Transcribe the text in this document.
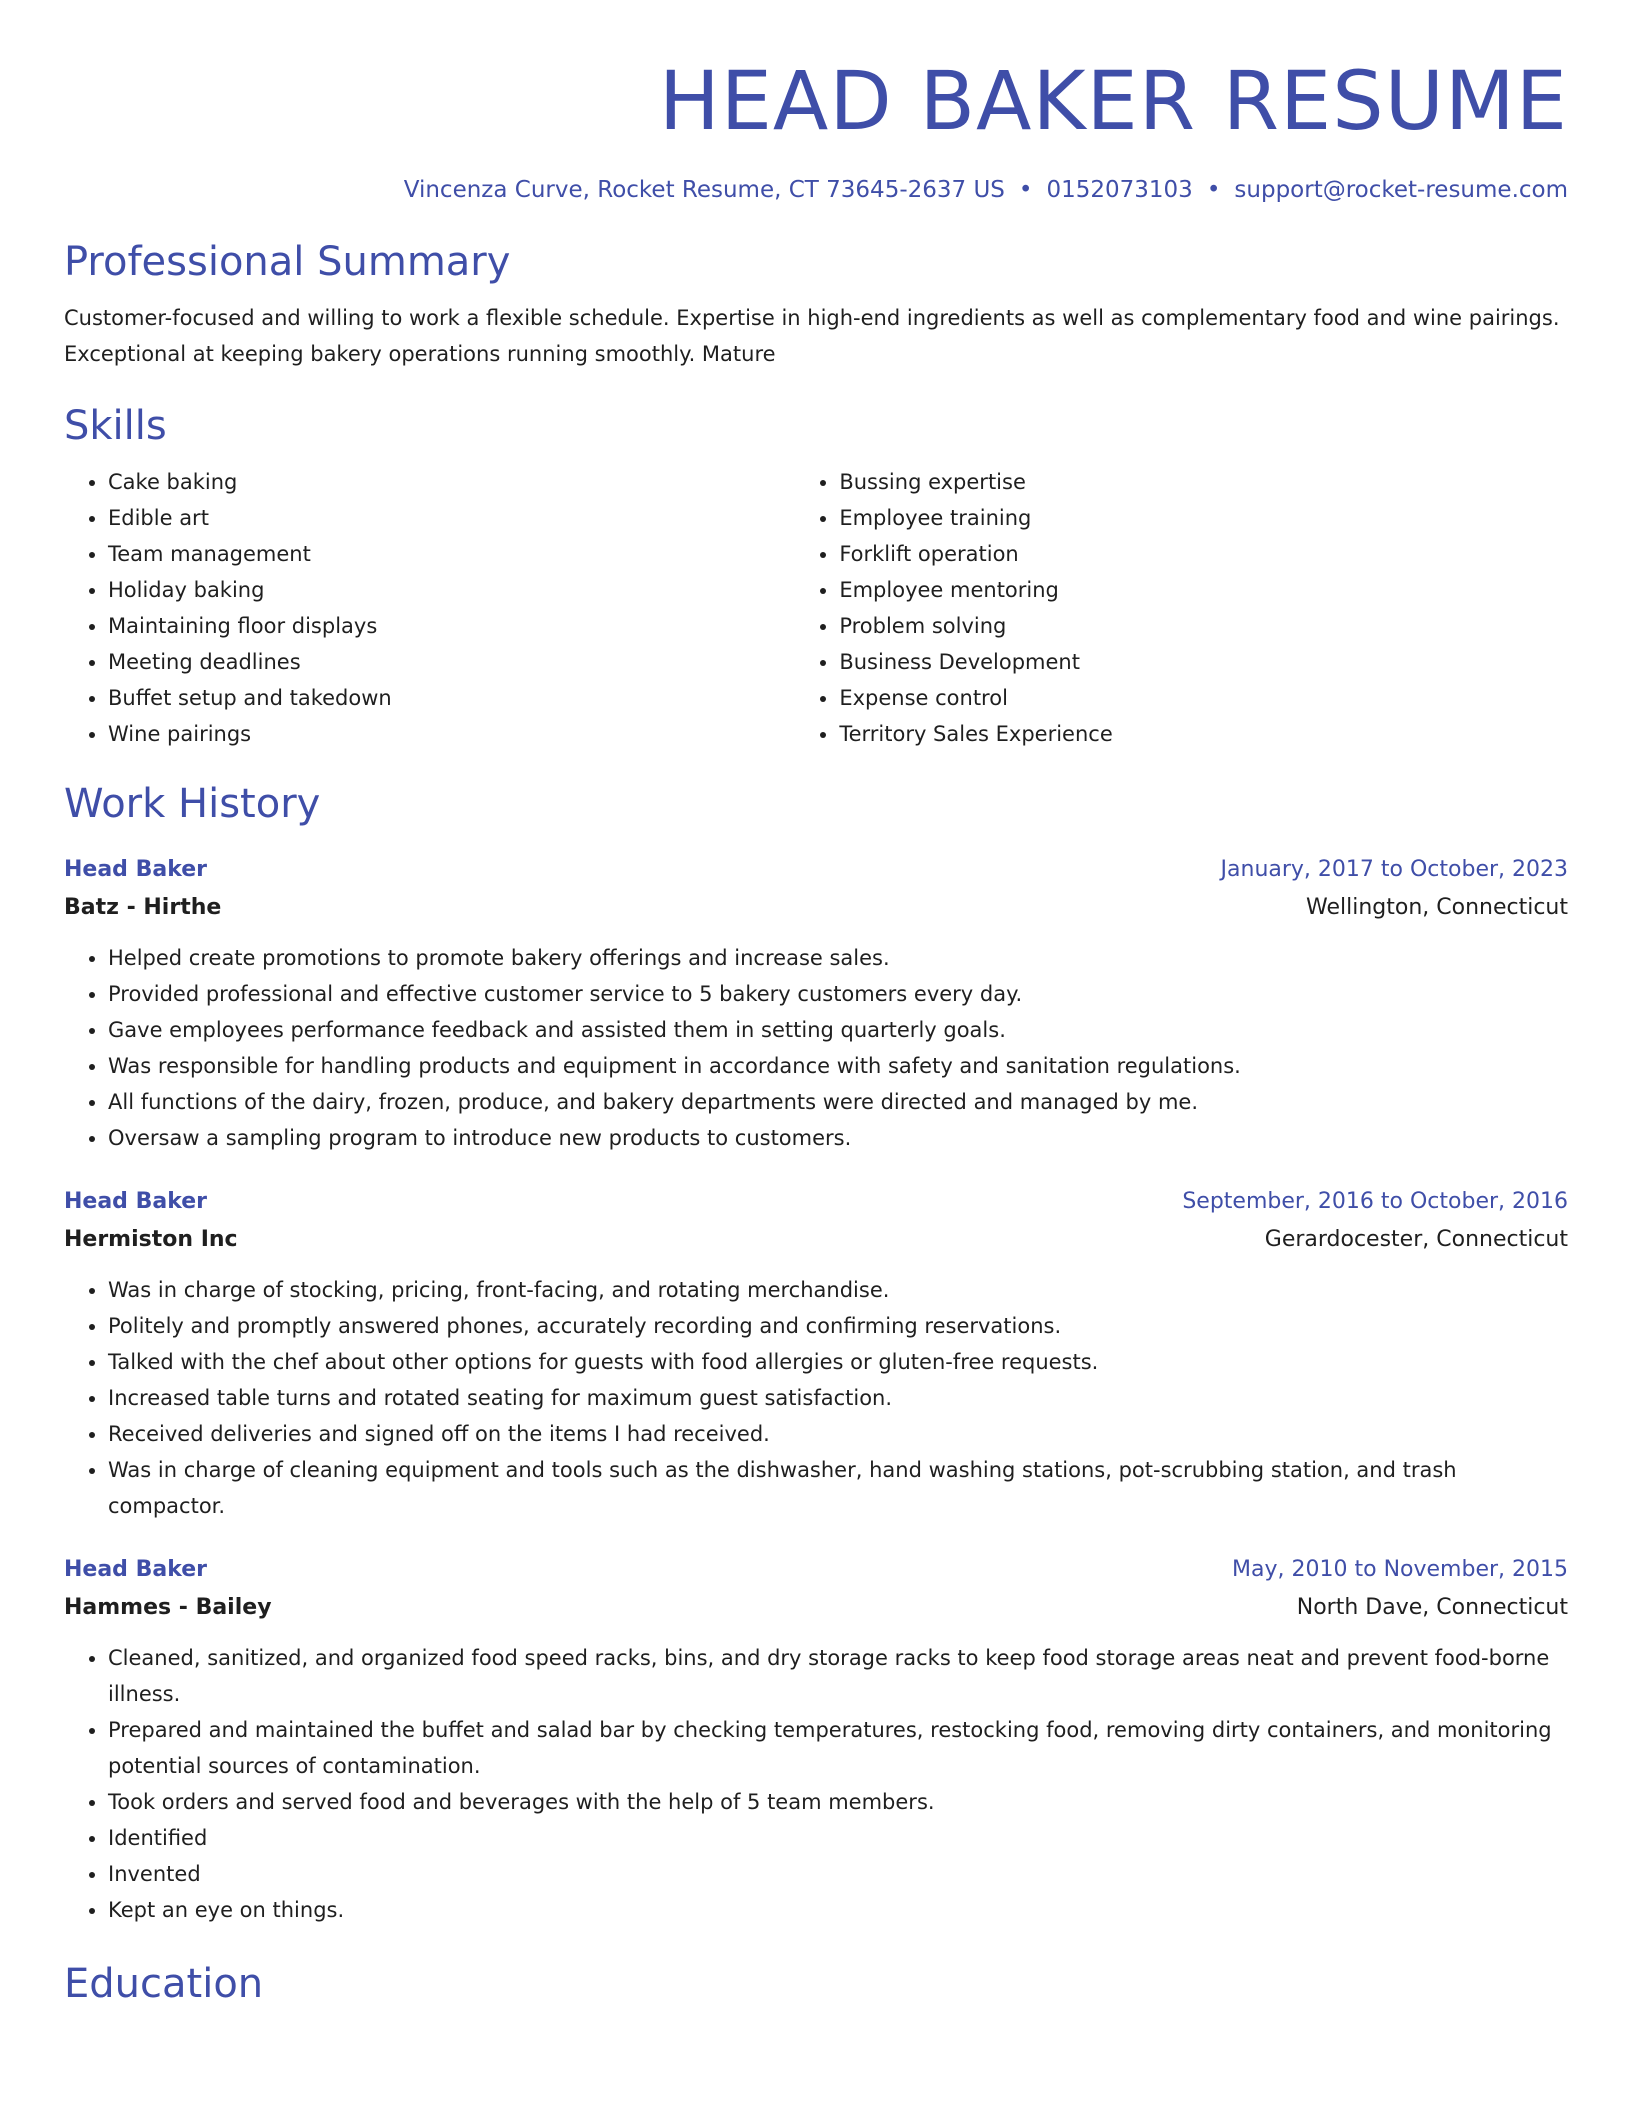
HEAD BAKER RESUME
Vincenza Curve, Rocket Resume, CT 73645-2637 US • 0152073103 • support@rocket-resume.com
Professional Summary

Customer-focused and willing to work a flexible schedule. Expertise in high-end ingredients as well as complementary food and wine pairings. Exceptional at keeping bakery operations running smoothly. Mature

Skills
• Cake baking
• Edible art
• Team management
• Holiday baking
• Maintaining floor displays
• Meeting deadlines
• Buffet setup and takedown
• Wine pairings
• Bussing expertise
• Employee training
• Forklift operation
• Employee mentoring
• Problem solving
• Business Development
• Expense control
• Territory Sales Experience
Work History
Head Baker	January, 2017 to October, 2023
Batz - Hirthe	Wellington, Connecticut
• Helped create promotions to promote bakery offerings and increase sales.
• Provided professional and effective customer service to 5 bakery customers every day.
• Gave employees performance feedback and assisted them in setting quarterly goals.
• Was responsible for handling products and equipment in accordance with safety and sanitation regulations.
• All functions of the dairy, frozen, produce, and bakery departments were directed and managed by me.
• Oversaw a sampling program to introduce new products to customers.
Head Baker	September, 2016 to October, 2016
Hermiston Inc	Gerardocester, Connecticut
• Was in charge of stocking, pricing, front-facing, and rotating merchandise.
• Politely and promptly answered phones, accurately recording and confirming reservations.
• Talked with the chef about other options for guests with food allergies or gluten-free requests.
• Increased table turns and rotated seating for maximum guest satisfaction.
• Received deliveries and signed off on the items I had received.
• Was in charge of cleaning equipment and tools such as the dishwasher, hand washing stations, pot-scrubbing station, and trash compactor.
Head Baker	May, 2010 to November, 2015
Hammes - Bailey	North Dave, Connecticut
• Cleaned, sanitized, and organized food speed racks, bins, and dry storage racks to keep food storage areas neat and prevent food-borne illness.
• Prepared and maintained the buffet and salad bar by checking temperatures, restocking food, removing dirty containers, and monitoring potential sources of contamination.
• Took orders and served food and beverages with the help of 5 team members.
• Identified
• Invented
• Kept an eye on things.
Education
